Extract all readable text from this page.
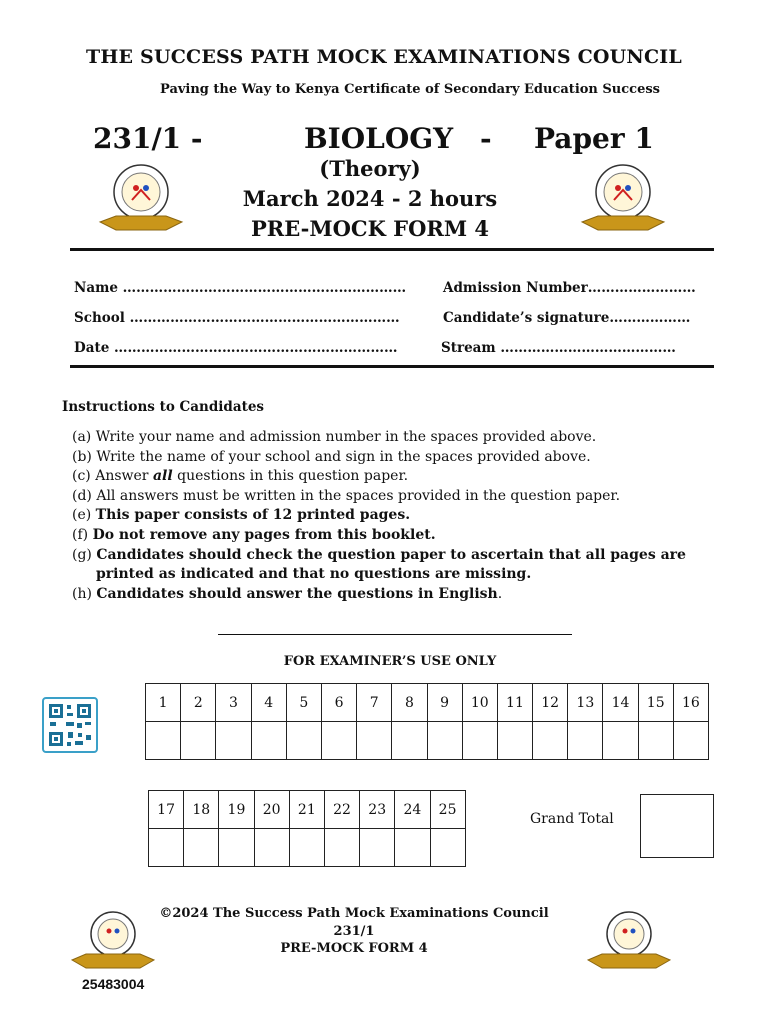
THE SUCCESS PATH MOCK EXAMINATIONS COUNCIL
Paving the Way to Kenya Certificate of Secondary Education Success
231/1 -	BIOLOGY - Paper 1
(Theory)
March 2024 - 2 hours
PRE-MOCK FORM 4
Name ………………………………………………………	Admission Number……………………
School ……………………………………………………	Candidate’s signature………………
Date ………………………………………………………	Stream …………………………………
Instructions to Candidates
(a) Write your name and admission number in the spaces provided above.
(b) Write the name of your school and sign in the spaces provided above.
(c) Answer all questions in this question paper.
(d) All answers must be written in the spaces provided in the question paper.
(e) This paper consists of 12 printed pages.
(f) Do not remove any pages from this booklet.
(g) Candidates should check the question paper to ascertain that all pages are
printed as indicated and that no questions are missing.
(h) Candidates should answer the questions in English.
FOR EXAMINER’S USE ONLY
1	2	3	4	5	6	7	8	9	10	11	12	13	14	15	16

17	18	19	20	21	22	23	24	25

Grand Total
©2024 The Success Path Mock Examinations Council
231/1
PRE-MOCK FORM 4
25483004
